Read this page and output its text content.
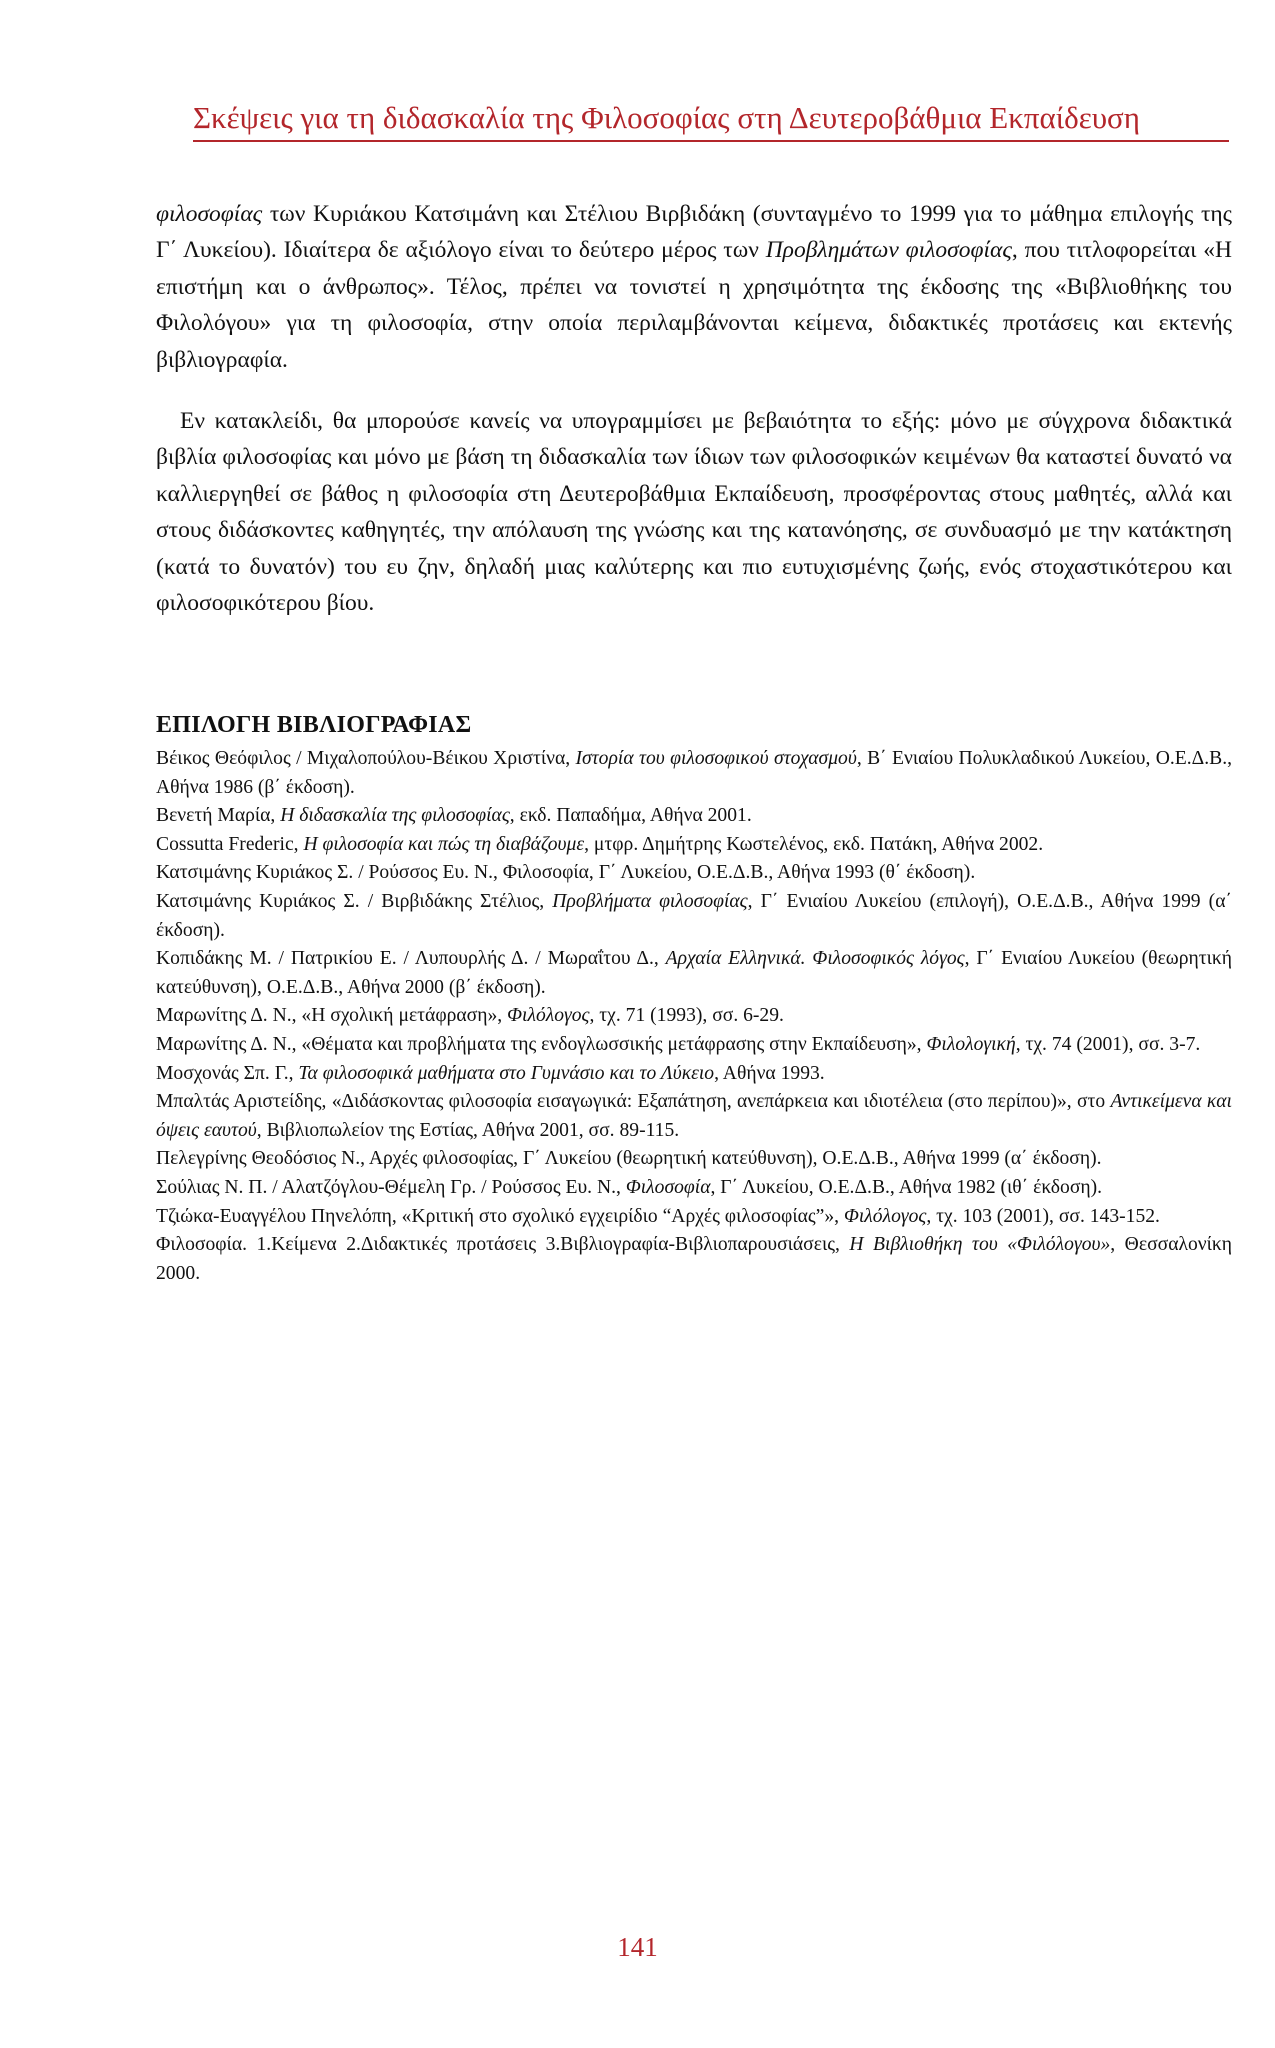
Σκέψεις για τη διδασκαλία της Φιλοσοφίας στη Δευτεροβάθμια Εκπαίδευση

φιλοσοφίας των Κυριάκου Κατσιμάνη και Στέλιου Βιρβιδάκη (συνταγμένο το 1999 για το μάθημα επιλογής της Γ΄ Λυκείου). Ιδιαίτερα δε αξιόλογο είναι το δεύτερο μέρος των Προβλημάτων φιλοσοφίας, που τιτλοφορείται «Η επιστήμη και ο άνθρωπος». Τέλος, πρέπει να τονιστεί η χρησιμότητα της έκδοσης της «Βιβλιοθήκης του Φιλολόγου» για τη φιλοσοφία, στην οποία περιλαμβάνονται κείμενα, διδακτικές προτάσεις και εκτενής βιβλιογραφία.

Εν κατακλείδι, θα μπορούσε κανείς να υπογραμμίσει με βεβαιότητα το εξής: μόνο με σύγχρονα διδακτικά βιβλία φιλοσοφίας και μόνο με βάση τη διδασκαλία των ίδιων των φιλοσοφικών κειμένων θα καταστεί δυνατό να καλλιεργηθεί σε βάθος η φιλοσοφία στη Δευτεροβάθμια Εκπαίδευση, προσφέροντας στους μαθητές, αλλά και στους διδάσκοντες καθηγητές, την απόλαυση της γνώσης και της κατανόησης, σε συνδυασμό με την κατάκτηση (κατά το δυνατόν) του ευ ζην, δηλαδή μιας καλύτερης και πιο ευτυχισμένης ζωής, ενός στοχαστικότερου και φιλοσοφικότερου βίου.

ΕΠΙΛΟΓΗ ΒΙΒΛΙΟΓΡΑΦΙΑΣ
Βέικος Θεόφιλος / Μιχαλοπούλου-Βέικου Χριστίνα, Ιστορία του φιλοσοφικού στοχασμού, Β΄ Ενιαίου Πολυκλαδικού Λυκείου, Ο.Ε.Δ.Β., Αθήνα 1986 (β΄ έκδοση).
Βενετή Μαρία, Η διδασκαλία της φιλοσοφίας, εκδ. Παπαδήμα, Αθήνα 2001.
Cossutta Frederic, Η φιλοσοφία και πώς τη διαβάζουμε, μτφρ. Δημήτρης Κωστελένος, εκδ. Πατάκη, Αθήνα 2002.
Κατσιμάνης Κυριάκος Σ. / Ρούσσος Ευ. Ν., Φιλοσοφία, Γ΄ Λυκείου, Ο.Ε.Δ.Β., Αθήνα 1993 (θ΄ έκδοση).
Κατσιμάνης Κυριάκος Σ. / Βιρβιδάκης Στέλιος, Προβλήματα φιλοσοφίας, Γ΄ Ενιαίου Λυκείου (επιλογή), Ο.Ε.Δ.Β., Αθήνα 1999 (α΄ έκδοση).
Κοπιδάκης Μ. / Πατρικίου Ε. / Λυπουρλής Δ. / Μωραΐτου Δ., Αρχαία Ελληνικά. Φιλοσοφικός λόγος, Γ΄ Ενιαίου Λυκείου (θεωρητική κατεύθυνση), Ο.Ε.Δ.Β., Αθήνα 2000 (β΄ έκδοση).
Μαρωνίτης Δ. Ν., «Η σχολική μετάφραση», Φιλόλογος, τχ. 71 (1993), σσ. 6-29.
Μαρωνίτης Δ. Ν., «Θέματα και προβλήματα της ενδογλωσσικής μετάφρασης στην Εκπαίδευση», Φιλολογική, τχ. 74 (2001), σσ. 3-7.
Μοσχονάς Σπ. Γ., Τα φιλοσοφικά μαθήματα στο Γυμνάσιο και το Λύκειο, Αθήνα 1993.
Μπαλτάς Αριστείδης, «Διδάσκοντας φιλοσοφία εισαγωγικά: Εξαπάτηση, ανεπάρκεια και ιδιοτέλεια (στο περίπου)», στο Αντικείμενα και όψεις εαυτού, Βιβλιοπωλείον της Εστίας, Αθήνα 2001, σσ. 89-115.
Πελεγρίνης Θεοδόσιος Ν., Αρχές φιλοσοφίας, Γ΄ Λυκείου (θεωρητική κατεύθυνση), Ο.Ε.Δ.Β., Αθήνα 1999 (α΄ έκδοση).
Σούλιας Ν. Π. / Αλατζόγλου-Θέμελη Γρ. / Ρούσσος Ευ. Ν., Φιλοσοφία, Γ΄ Λυκείου, Ο.Ε.Δ.Β., Αθήνα 1982 (ιθ΄ έκδοση).
Τζιώκα-Ευαγγέλου Πηνελόπη, «Κριτική στο σχολικό εγχειρίδιο “Αρχές φιλοσοφίας”», Φιλόλογος, τχ. 103 (2001), σσ. 143-152.
Φιλοσοφία. 1.Κείμενα 2.Διδακτικές προτάσεις 3.Βιβλιογραφία-Βιβλιοπαρουσιάσεις, Η Βιβλιοθήκη του «Φιλόλογου», Θεσσαλονίκη 2000.
141
